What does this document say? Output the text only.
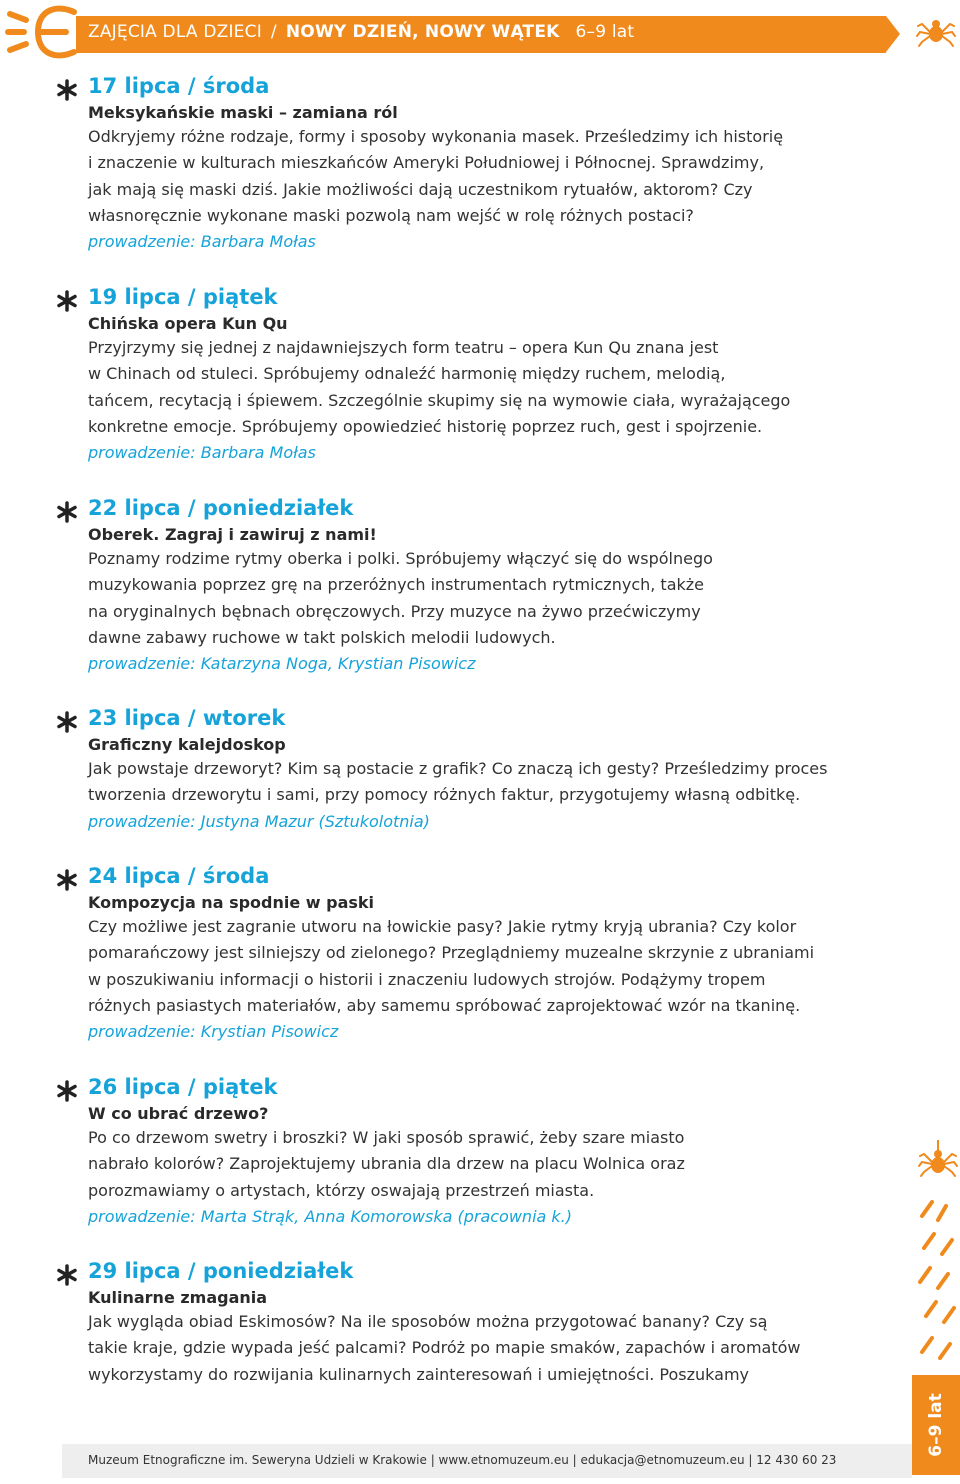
ZAJĘCIA DLA DZIECI / NOWY DZIEŃ, NOWY WĄTEK 6–9 lat
17 lipca / środa
Meksykańskie maski – zamiana ról
Odkryjemy różne rodzaje, formy i sposoby wykonania masek. Prześledzimy ich historię
i znaczenie w kulturach mieszkańców Ameryki Południowej i Północnej. Sprawdzimy,
jak mają się maski dziś. Jakie możliwości dają uczestnikom rytuałów, aktorom? Czy
własnoręcznie wykonane maski pozwolą nam wejść w rolę różnych postaci?
prowadzenie: Barbara Mołas
19 lipca / piątek
Chińska opera Kun Qu
Przyjrzymy się jednej z najdawniejszych form teatru – opera Kun Qu znana jest
w Chinach od stuleci. Spróbujemy odnaleźć harmonię między ruchem, melodią,
tańcem, recytacją i śpiewem. Szczególnie skupimy się na wymowie ciała, wyrażającego
konkretne emocje. Spróbujemy opowiedzieć historię poprzez ruch, gest i spojrzenie.
prowadzenie: Barbara Mołas
22 lipca / poniedziałek
Oberek. Zagraj i zawiruj z nami!
Poznamy rodzime rytmy oberka i polki. Spróbujemy włączyć się do wspólnego
muzykowania poprzez grę na przeróżnych instrumentach rytmicznych, także
na oryginalnych bębnach obręczowych. Przy muzyce na żywo przećwiczymy
dawne zabawy ruchowe w takt polskich melodii ludowych.
prowadzenie: Katarzyna Noga, Krystian Pisowicz
23 lipca / wtorek
Graficzny kalejdoskop
Jak powstaje drzeworyt? Kim są postacie z grafik? Co znaczą ich gesty? Prześledzimy proces
tworzenia drzeworytu i sami, przy pomocy różnych faktur, przygotujemy własną odbitkę.
prowadzenie: Justyna Mazur (Sztukolotnia)
24 lipca / środa
Kompozycja na spodnie w paski
Czy możliwe jest zagranie utworu na łowickie pasy? Jakie rytmy kryją ubrania? Czy kolor
pomarańczowy jest silniejszy od zielonego? Przeglądniemy muzealne skrzynie z ubraniami
w poszukiwaniu informacji o historii i znaczeniu ludowych strojów. Podążymy tropem
różnych pasiastych materiałów, aby samemu spróbować zaprojektować wzór na tkaninę.
prowadzenie: Krystian Pisowicz
26 lipca / piątek
W co ubrać drzewo?
Po co drzewom swetry i broszki? W jaki sposób sprawić, żeby szare miasto
nabrało kolorów? Zaprojektujemy ubrania dla drzew na placu Wolnica oraz
porozmawiamy o artystach, którzy oswajają przestrzeń miasta.
prowadzenie: Marta Strąk, Anna Komorowska (pracownia k.)
29 lipca / poniedziałek
Kulinarne zmagania
Jak wygląda obiad Eskimosów? Na ile sposobów można przygotować banany? Czy są
takie kraje, gdzie wypada jeść palcami? Podróż po mapie smaków, zapachów i aromatów
wykorzystamy do rozwijania kulinarnych zainteresowań i umiejętności. Poszukamy
6–9 lat
Muzeum Etnograficzne im. Seweryna Udzieli w Krakowie | www.etnomuzeum.eu | edukacja@etnomuzeum.eu | 12 430 60 23
